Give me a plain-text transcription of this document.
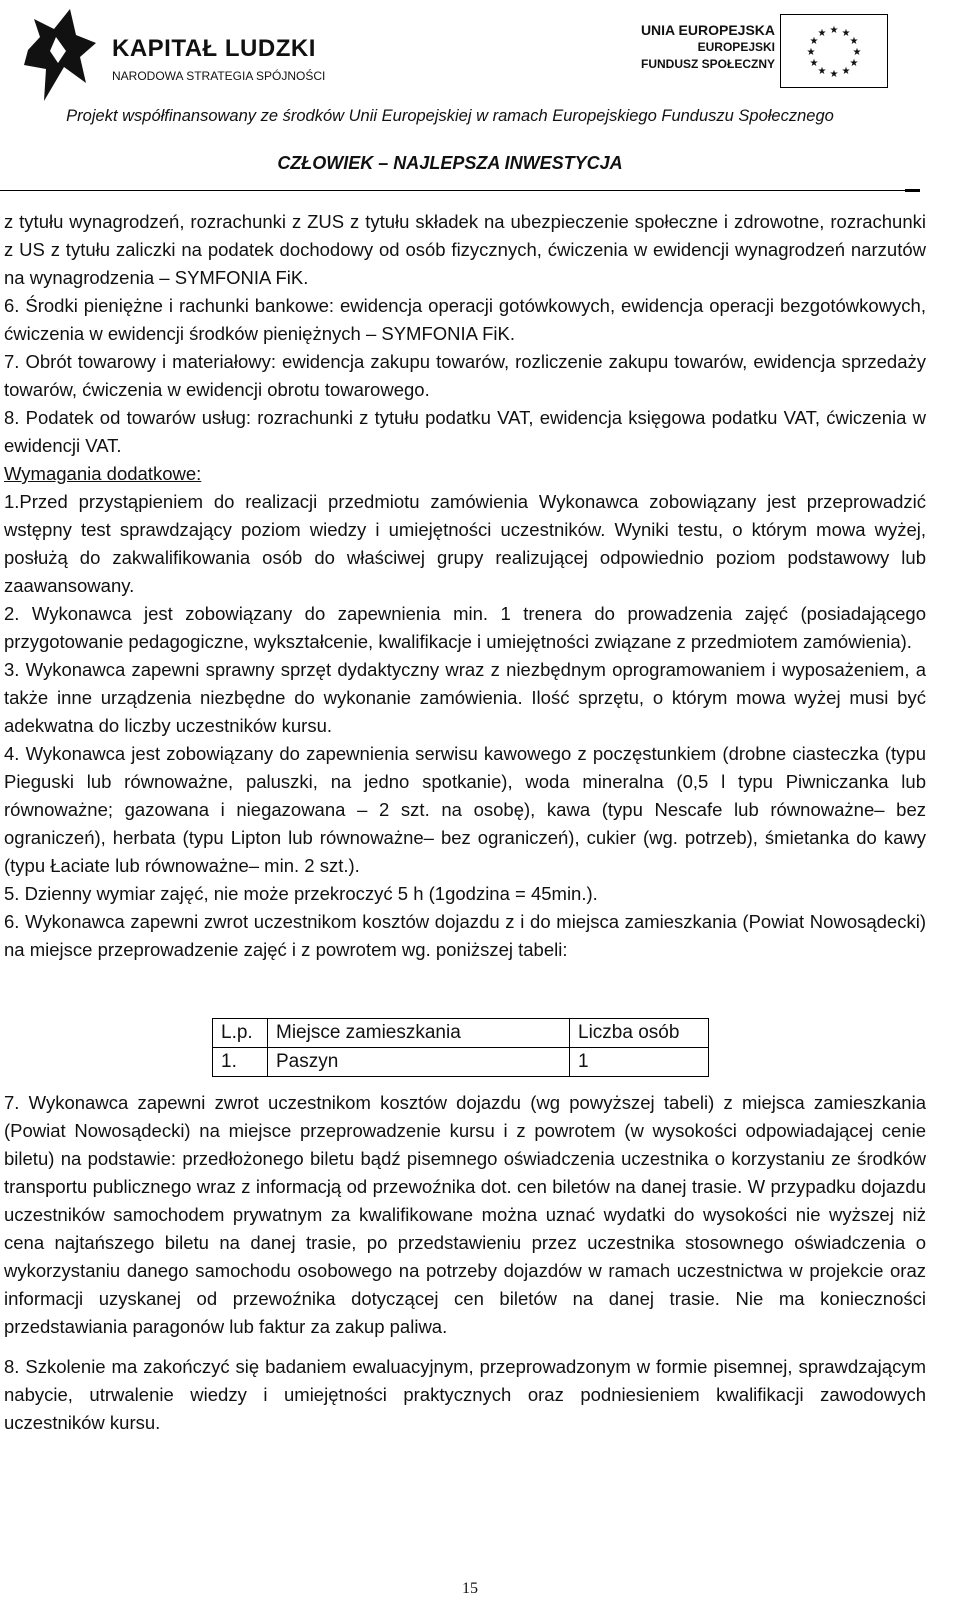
KAPITAŁ LUDZKI
NARODOWA STRATEGIA SPÓJNOŚCI
UNIA EUROPEJSKA
EUROPEJSKI
FUNDUSZ SPOŁECZNY
★ ★
★
★
★
★
★
★
★
★
★
★
Projekt współfinansowany ze środków Unii Europejskiej w ramach Europejskiego Funduszu Społecznego
CZŁOWIEK – NAJLEPSZA INWESTYCJA

z tytułu wynagrodzeń, rozrachunki z ZUS z tytułu składek na ubezpieczenie społeczne i zdrowotne, rozrachunki z US z tytułu zaliczki na podatek dochodowy od osób fizycznych, ćwiczenia w ewidencji wynagrodzeń narzutów na wynagrodzenia – SYMFONIA FiK.

6. Środki pieniężne i rachunki bankowe: ewidencja operacji gotówkowych, ewidencja operacji bezgotówkowych, ćwiczenia w ewidencji środków pieniężnych – SYMFONIA FiK.

7. Obrót towarowy i materiałowy: ewidencja zakupu towarów, rozliczenie zakupu towarów, ewidencja sprzedaży towarów, ćwiczenia w ewidencji obrotu towarowego.

8. Podatek od towarów usług: rozrachunki z tytułu podatku VAT, ewidencja księgowa podatku VAT, ćwiczenia w ewidencji VAT.

Wymagania dodatkowe:

1.Przed przystąpieniem do realizacji przedmiotu zamówienia Wykonawca zobowiązany jest przeprowadzić wstępny test sprawdzający poziom wiedzy i umiejętności uczestników. Wyniki testu, o którym mowa wyżej, posłużą do zakwalifikowania osób do właściwej grupy realizującej odpowiednio poziom podstawowy lub zaawansowany.

2. Wykonawca jest zobowiązany do zapewnienia min. 1 trenera do prowadzenia zajęć (posiadającego przygotowanie pedagogiczne, wykształcenie, kwalifikacje i umiejętności związane z przedmiotem zamówienia).

3. Wykonawca zapewni sprawny sprzęt dydaktyczny wraz z niezbędnym oprogramowaniem i wyposażeniem, a także inne urządzenia niezbędne do wykonanie zamówienia. Ilość sprzętu, o którym mowa wyżej musi być adekwatna do liczby uczestników kursu.

4. Wykonawca jest zobowiązany do zapewnienia serwisu kawowego z poczęstunkiem (drobne ciasteczka (typu Pieguski lub równoważne, paluszki, na jedno spotkanie), woda mineralna (0,5 l typu Piwniczanka lub równoważne; gazowana i niegazowana – 2 szt. na osobę), kawa (typu Nescafe lub równoważne– bez ograniczeń), herbata (typu Lipton lub równoważne– bez ograniczeń), cukier (wg. potrzeb), śmietanka do kawy (typu Łaciate lub równoważne– min. 2 szt.).

5. Dzienny wymiar zajęć, nie może przekroczyć 5 h (1godzina = 45min.).

6. Wykonawca zapewni zwrot uczestnikom kosztów dojazdu z i do miejsca zamieszkania (Powiat Nowosądecki) na miejsce przeprowadzenie zajęć i z powrotem wg. poniższej tabeli:

L.p.	Miejsce zamieszkania	Liczba osób
1.	Paszyn	1

7. Wykonawca zapewni zwrot uczestnikom kosztów dojazdu (wg powyższej tabeli) z miejsca zamieszkania (Powiat Nowosądecki) na miejsce przeprowadzenie kursu i z powrotem (w wysokości odpowiadającej cenie biletu) na podstawie: przedłożonego biletu bądź pisemnego oświadczenia uczestnika o korzystaniu ze środków transportu publicznego wraz z informacją od przewoźnika dot. cen biletów na danej trasie. W przypadku dojazdu uczestników samochodem prywatnym za kwalifikowane można uznać wydatki do wysokości nie wyższej niż cena najtańszego biletu na danej trasie, po przedstawieniu przez uczestnika stosownego oświadczenia o wykorzystaniu danego samochodu osobowego na potrzeby dojazdów w ramach uczestnictwa w projekcie oraz informacji uzyskanej od przewoźnika dotyczącej cen biletów na danej trasie. Nie ma konieczności przedstawiania paragonów lub faktur za zakup paliwa.

8. Szkolenie ma zakończyć się badaniem ewaluacyjnym, przeprowadzonym w formie pisemnej, sprawdzającym nabycie, utrwalenie wiedzy i umiejętności praktycznych oraz podniesieniem kwalifikacji zawodowych uczestników kursu.

15
